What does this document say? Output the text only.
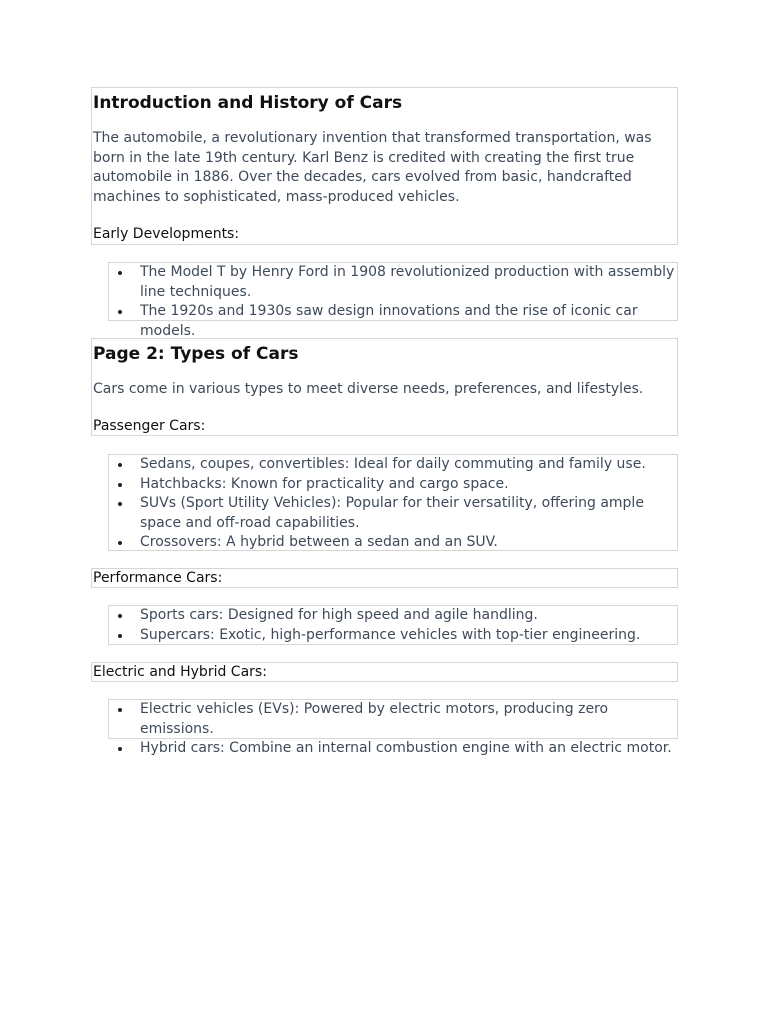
Introduction and History of Cars

The automobile, a revolutionary invention that transformed transportation, was born in the late 19th century. Karl Benz is credited with creating the first true automobile in 1886. Over the decades, cars evolved from basic, handcrafted machines to sophisticated, mass-produced vehicles.

Early Developments:

The Model T by Henry Ford in 1908 revolutionized production with assembly line techniques.
The 1920s and 1930s saw design innovations and the rise of iconic car models.
Page 2: Types of Cars

Cars come in various types to meet diverse needs, preferences, and lifestyles.

Passenger Cars:

Sedans, coupes, convertibles: Ideal for daily commuting and family use.
Hatchbacks: Known for practicality and cargo space.
SUVs (Sport Utility Vehicles): Popular for their versatility, offering ample space and off-road capabilities.
Crossovers: A hybrid between a sedan and an SUV.

Performance Cars:

Sports cars: Designed for high speed and agile handling.
Supercars: Exotic, high-performance vehicles with top-tier engineering.

Electric and Hybrid Cars:

Electric vehicles (EVs): Powered by electric motors, producing zero emissions.
Hybrid cars: Combine an internal combustion engine with an electric motor.
